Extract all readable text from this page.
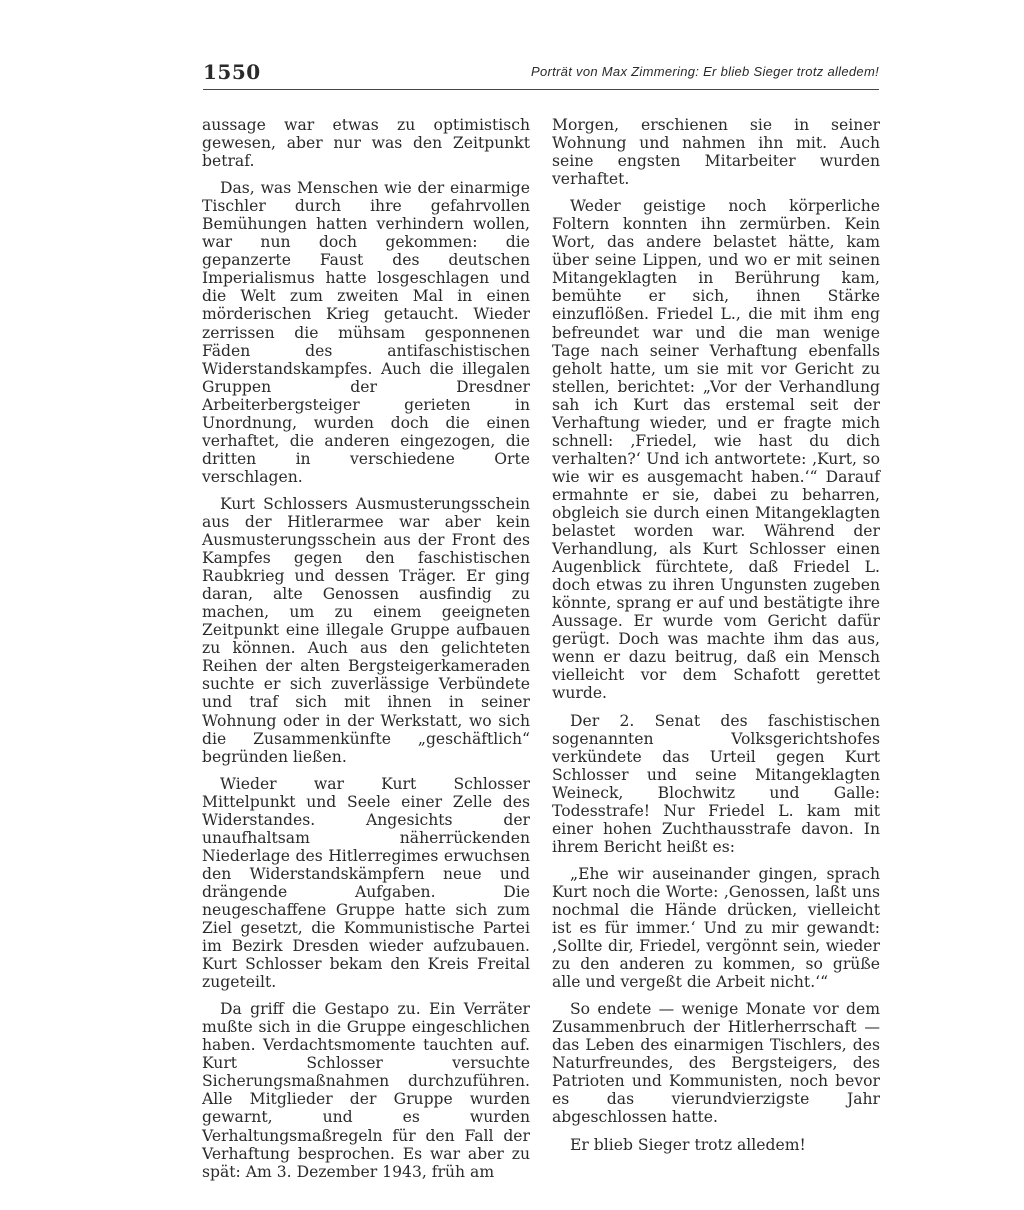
1550	Porträt von Max Zimmering: Er blieb Sieger trotz alledem!

aussage war etwas zu optimistisch gewesen, aber nur was den Zeitpunkt betraf.

Das, was Menschen wie der einarmige Tischler durch ihre gefahrvollen Bemühungen hatten verhindern wollen, war nun doch gekommen: die gepanzerte Faust des deutschen Imperialismus hatte losgeschlagen und die Welt zum zweiten Mal in einen mörderischen Krieg getaucht. Wieder zerrissen die mühsam gesponnenen Fäden des antifaschistischen Widerstandskampfes. Auch die illegalen Gruppen der Dresdner Arbeiterbergsteiger gerieten in Unordnung, wurden doch die einen verhaftet, die anderen eingezogen, die dritten in verschiedene Orte verschlagen.

Kurt Schlossers Ausmusterungsschein aus der Hitlerarmee war aber kein Ausmusterungsschein aus der Front des Kampfes gegen den faschistischen Raubkrieg und dessen Träger. Er ging daran, alte Genossen ausfindig zu machen, um zu einem geeigneten Zeitpunkt eine illegale Gruppe aufbauen zu können. Auch aus den gelichteten Reihen der alten Bergsteigerkameraden suchte er sich zuverlässige Verbündete und traf sich mit ihnen in seiner Wohnung oder in der Werkstatt, wo sich die Zusammenkünfte „geschäftlich“ begründen ließen.

Wieder war Kurt Schlosser Mittelpunkt und Seele einer Zelle des Widerstandes. Angesichts der unaufhaltsam näherrückenden Niederlage des Hitlerregimes erwuchsen den Widerstandskämpfern neue und drängende Aufgaben. Die neugeschaffene Gruppe hatte sich zum Ziel gesetzt, die Kommunistische Partei im Bezirk Dresden wieder aufzubauen. Kurt Schlosser bekam den Kreis Freital zugeteilt.

Da griff die Gestapo zu. Ein Verräter mußte sich in die Gruppe eingeschlichen haben. Verdachtsmomente tauchten auf. Kurt Schlosser versuchte Sicherungsmaßnahmen durchzuführen. Alle Mitglieder der Gruppe wurden gewarnt, und es wurden Verhaltungsmaßregeln für den Fall der Verhaftung besprochen. Es war aber zu spät: Am 3. Dezember 1943, früh am

Morgen, erschienen sie in seiner Wohnung und nahmen ihn mit. Auch seine engsten Mitarbeiter wurden verhaftet.

Weder geistige noch körperliche Foltern konnten ihn zermürben. Kein Wort, das andere belastet hätte, kam über seine Lippen, und wo er mit seinen Mitangeklagten in Berührung kam, bemühte er sich, ihnen Stärke einzuflößen. Friedel L., die mit ihm eng befreundet war und die man wenige Tage nach seiner Verhaftung ebenfalls geholt hatte, um sie mit vor Gericht zu stellen, berichtet: „Vor der Verhandlung sah ich Kurt das erstemal seit der Verhaftung wieder, und er fragte mich schnell: ‚Friedel, wie hast du dich verhalten?‘ Und ich antwortete: ‚Kurt, so wie wir es ausgemacht haben.‘“ Darauf ermahnte er sie, dabei zu beharren, obgleich sie durch einen Mitangeklagten belastet worden war. Während der Verhandlung, als Kurt Schlosser einen Augenblick fürchtete, daß Friedel L. doch etwas zu ihren Ungunsten zugeben könnte, sprang er auf und bestätigte ihre Aussage. Er wurde vom Gericht dafür gerügt. Doch was machte ihm das aus, wenn er dazu beitrug, daß ein Mensch vielleicht vor dem Schafott gerettet wurde.

Der 2. Senat des faschistischen sogenannten Volksgerichtshofes verkündete das Urteil gegen Kurt Schlosser und seine Mitangeklagten Weineck, Blochwitz und Galle: Todesstrafe! Nur Friedel L. kam mit einer hohen Zuchthausstrafe davon. In ihrem Bericht heißt es:

„Ehe wir auseinander gingen, sprach Kurt noch die Worte: ‚Genossen, laßt uns nochmal die Hände drücken, vielleicht ist es für immer.‘ Und zu mir gewandt: ‚Sollte dir, Friedel, vergönnt sein, wieder zu den anderen zu kommen, so grüße alle und vergeßt die Arbeit nicht.‘“

So endete — wenige Monate vor dem Zusammenbruch der Hitlerherrschaft — das Leben des einarmigen Tischlers, des Naturfreundes, des Bergsteigers, des Patrioten und Kommunisten, noch bevor es das vierundvierzigste Jahr abgeschlossen hatte.

Er blieb Sieger trotz alledem!
